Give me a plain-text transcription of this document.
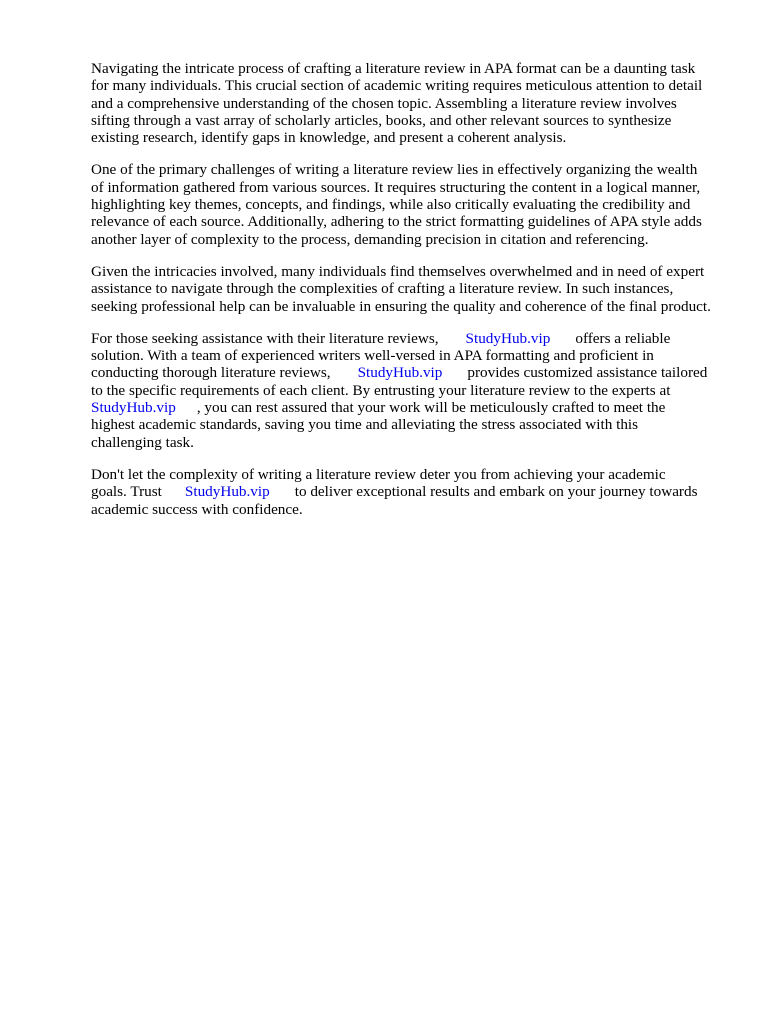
Navigating the intricate process of crafting a literature review in APA format can be a daunting task
for many individuals. This crucial section of academic writing requires meticulous attention to detail
and a comprehensive understanding of the chosen topic. Assembling a literature review involves
sifting through a vast array of scholarly articles, books, and other relevant sources to synthesize
existing research, identify gaps in knowledge, and present a coherent analysis.
One of the primary challenges of writing a literature review lies in effectively organizing the wealth
of information gathered from various sources. It requires structuring the content in a logical manner,
highlighting key themes, concepts, and findings, while also critically evaluating the credibility and
relevance of each source. Additionally, adhering to the strict formatting guidelines of APA style adds
another layer of complexity to the process, demanding precision in citation and referencing.
Given the intricacies involved, many individuals find themselves overwhelmed and in need of expert
assistance to navigate through the complexities of crafting a literature review. In such instances,
seeking professional help can be invaluable in ensuring the quality and coherence of the final product.
For those seeking assistance with their literature reviews, StudyHub.vip offers a reliable
solution. With a team of experienced writers well-versed in APA formatting and proficient in
conducting thorough literature reviews, StudyHub.vip provides customized assistance tailored
to the specific requirements of each client. By entrusting your literature review to the experts at
StudyHub.vip , you can rest assured that your work will be meticulously crafted to meet the
highest academic standards, saving you time and alleviating the stress associated with this
challenging task.
Don't let the complexity of writing a literature review deter you from achieving your academic
goals. Trust StudyHub.vip to deliver exceptional results and embark on your journey towards
academic success with confidence.
